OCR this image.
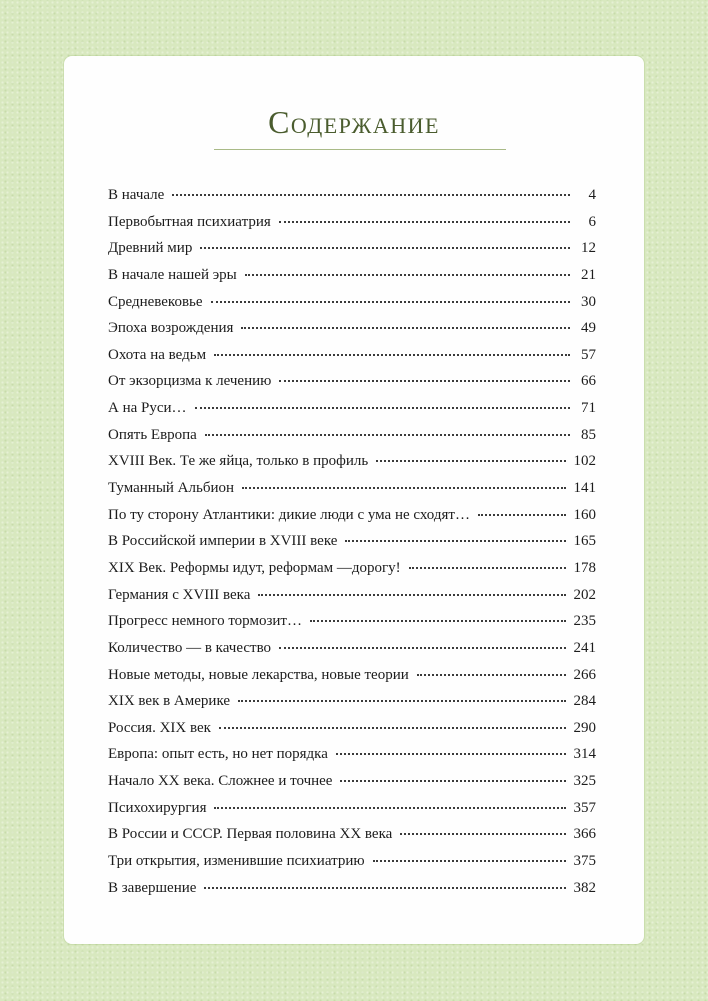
Содержание
В начале	4
Первобытная психиатрия	6
Древний мир	12
В начале нашей эры	21
Средневековье	30
Эпоха возрождения	49
Охота на ведьм	57
От экзорцизма к лечению	66
А на Руси…	71
Опять Европа	85
XVIII Век. Те же яйца, только в профиль	102
Туманный Альбион	141
По ту сторону Атлантики: дикие люди с ума не сходят…	160
В Российской империи в XVIII веке	165
XIX Век. Реформы идут, реформам —дорогу!	178
Германия с XVIII века	202
Прогресс немного тормозит…	235
Количество — в качество	241
Новые методы, новые лекарства, новые теории	266
XIX век в Америке	284
Россия. XIX век	290
Европа: опыт есть, но нет порядка	314
Начало XX века. Сложнее и точнее	325
Психохирургия	357
В России и СССР. Первая половина XX века	366
Три открытия, изменившие психиатрию	375
В завершение	382
